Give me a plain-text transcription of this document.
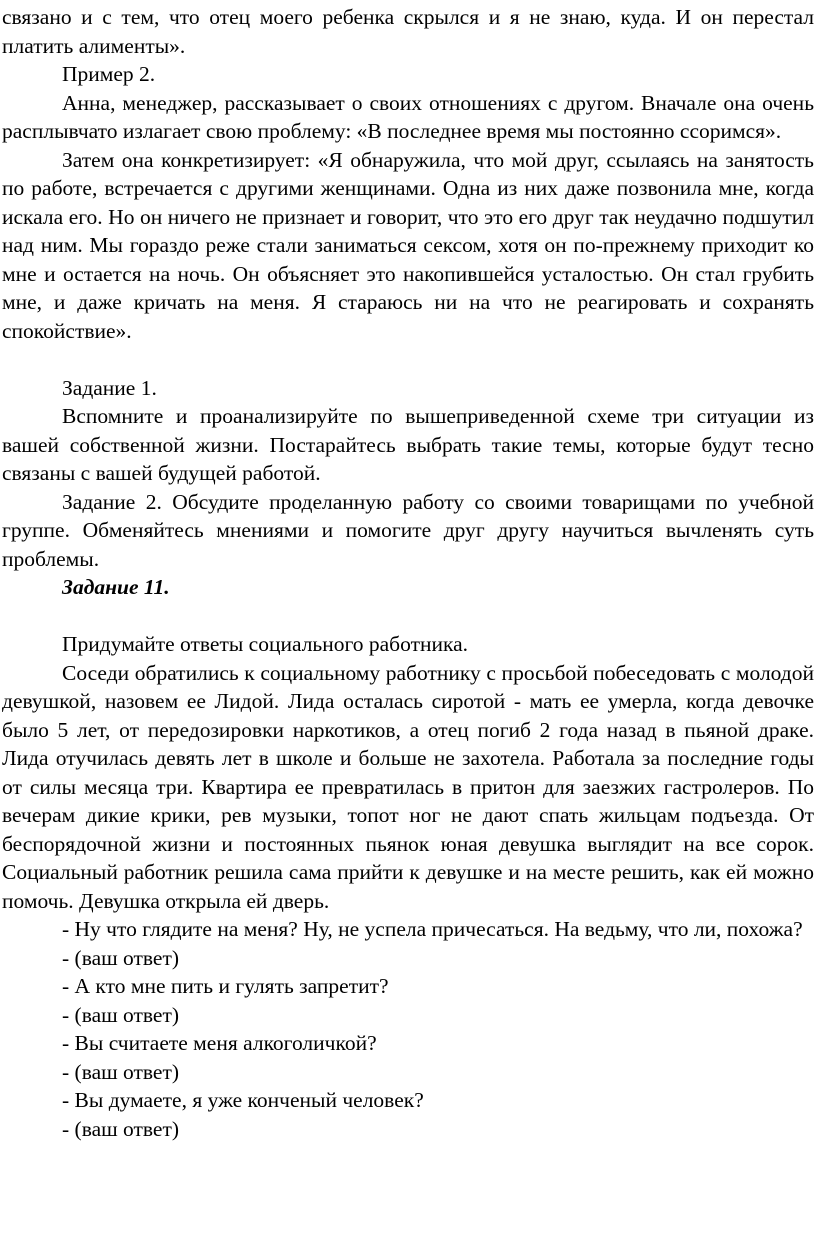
связано и с тем, что отец моего ребенка скрылся и я не знаю, куда. И он перестал платить алименты».

Пример 2.

Анна, менеджер, рассказывает о своих отношениях с другом. Вначале она очень расплывчато излагает свою проблему: «В последнее время мы постоянно ссоримся».

Затем она конкретизирует: «Я обнаружила, что мой друг, ссылаясь на занятость по работе, встречается с другими женщинами. Одна из них даже позвонила мне, когда искала его. Но он ничего не признает и говорит, что это его друг так неудачно подшутил над ним. Мы гораздо реже стали заниматься сексом, хотя он по-прежнему приходит ко мне и остается на ночь. Он объясняет это накопившейся усталостью. Он стал грубить мне, и даже кричать на меня. Я стараюсь ни на что не реагировать и сохранять спокойствие».

Задание 1.

Вспомните и проанализируйте по вышеприведенной схеме три ситуации из вашей собственной жизни. Постарайтесь выбрать такие темы, которые будут тесно связаны с вашей будущей работой.

Задание 2. Обсудите проделанную работу со своими товарищами по учебной группе. Обменяйтесь мнениями и помогите друг другу научиться вычленять суть проблемы.

Задание 11.

Придумайте ответы социального работника.

Соседи обратились к социальному работнику с просьбой побеседовать с молодой девушкой, назовем ее Лидой. Лида осталась сиротой - мать ее умерла, когда девочке было 5 лет, от передозировки наркотиков, а отец погиб 2 года назад в пьяной драке. Лида отучилась девять лет в школе и больше не захотела. Работала за последние годы от силы месяца три. Квартира ее превратилась в притон для заезжих гастролеров. По вечерам дикие крики, рев музыки, топот ног не дают спать жильцам подъезда. От беспорядочной жизни и постоянных пьянок юная девушка выглядит на все сорок. Социальный работник решила сама прийти к девушке и на месте решить, как ей можно помочь. Девушка открыла ей дверь.

- Ну что глядите на меня? Ну, не успела причесаться. На ведьму, что ли, похожа?

- (ваш ответ)

- А кто мне пить и гулять запретит?

- (ваш ответ)

- Вы считаете меня алкоголичкой?

- (ваш ответ)

- Вы думаете, я уже конченый человек?

- (ваш ответ)
